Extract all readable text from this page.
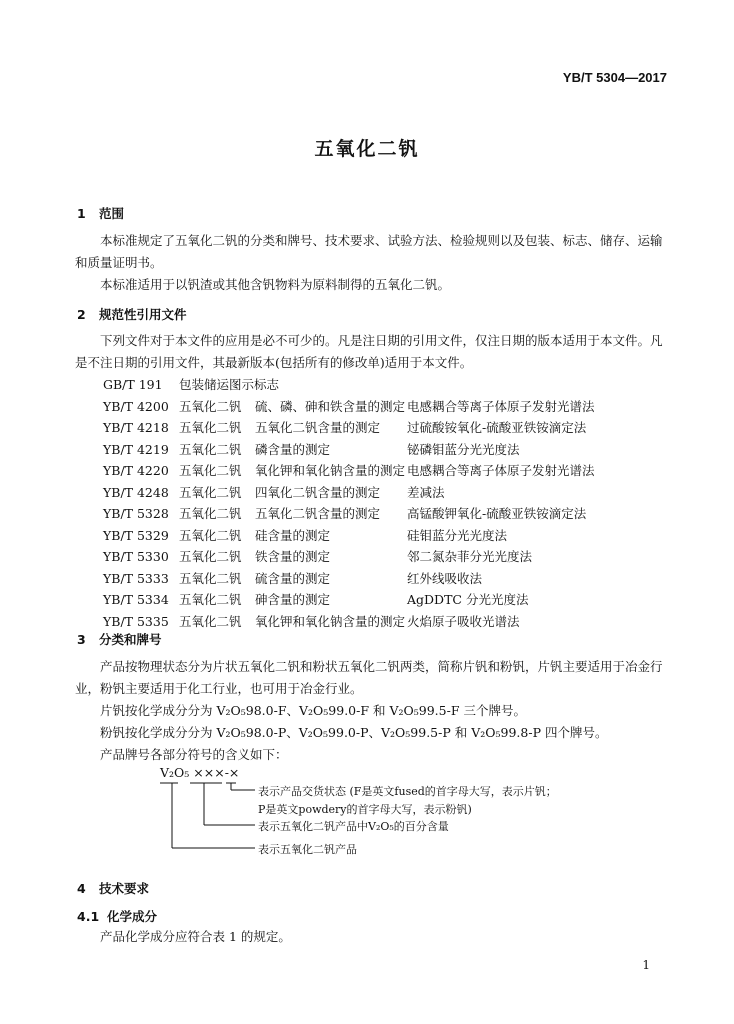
YB/T 5304—2017
五氧化二钒
1 范围
本标准规定了五氧化二钒的分类和牌号、技术要求、试验方法、检验规则以及包装、标志、储存、运输和质量证明书。
本标准适用于以钒渣或其他含钒物料为原料制得的五氧化二钒。
2 规范性引用文件
下列文件对于本文件的应用是必不可少的。凡是注日期的引用文件，仅注日期的版本适用于本文件。凡是不注日期的引用文件，其最新版本(包括所有的修改单)适用于本文件。
GB/T 191 包装储运图示标志
YB/T 4200 五氧化二钒 硫、磷、砷和铁含量的测定 电感耦合等离子体原子发射光谱法
YB/T 4218 五氧化二钒 五氧化二钒含量的测定 过硫酸铵氧化-硫酸亚铁铵滴定法
YB/T 4219 五氧化二钒 磷含量的测定	铋磷钼蓝分光光度法
YB/T 4220 五氧化二钒 氧化钾和氧化钠含量的测定 电感耦合等离子体原子发射光谱法
YB/T 4248 五氧化二钒 四氧化二钒含量的测定 差减法
YB/T 5328 五氧化二钒 五氧化二钒含量的测定 高锰酸钾氧化-硫酸亚铁铵滴定法
YB/T 5329 五氧化二钒 硅含量的测定	硅钼蓝分光光度法
YB/T 5330 五氧化二钒 铁含量的测定	邻二氮杂菲分光光度法
YB/T 5333 五氧化二钒 硫含量的测定	红外线吸收法
YB/T 5334 五氧化二钒 砷含量的测定	AgDDTC 分光光度法
YB/T 5335 五氧化二钒 氧化钾和氧化钠含量的测定 火焰原子吸收光谱法
3 分类和牌号
产品按物理状态分为片状五氧化二钒和粉状五氧化二钒两类，简称片钒和粉钒，片钒主要适用于冶金行业，粉钒主要适用于化工行业，也可用于冶金行业。
片钒按化学成分分为 V₂O₅98.0-F、V₂O₅99.0-F 和 V₂O₅99.5-F 三个牌号。
粉钒按化学成分分为 V₂O₅98.0-P、V₂O₅99.0-P、V₂O₅99.5-P 和 V₂O₅99.8-P 四个牌号。
产品牌号各部分符号的含义如下：
V₂O₅ ×××-×
表示产品交货状态 (F是英文fused的首字母大写，表示片钒；
P是英文powdery的首字母大写，表示粉钒)
表示五氧化二钒产品中V₂O₅的百分含量
表示五氧化二钒产品
4 技术要求
4.1 化学成分
产品化学成分应符合表 1 的规定。
1
